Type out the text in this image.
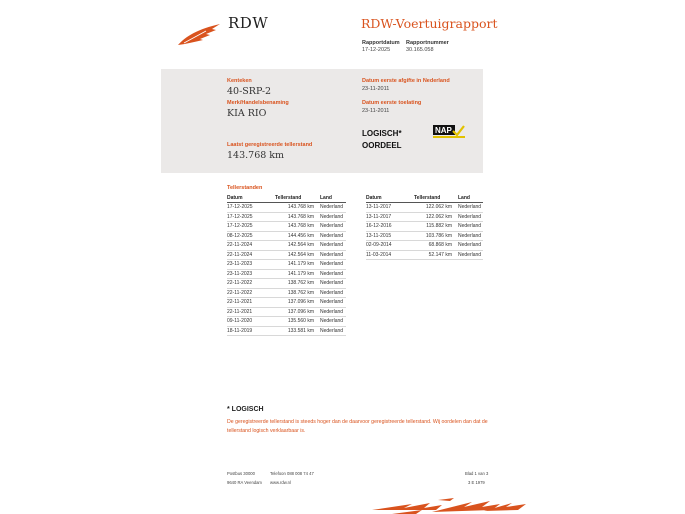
RDW	RDW-Voertuigrapport
Rapportdatum
17-12-2025
Rapportnummer
30.165.058
Kenteken
40-SRP-2
Merk/Handelsbenaming
KIA RIO
Laatst geregistreerde tellerstand
143.768 km
Datum eerste afgifte in Nederland
23-11-2011
Datum eerste toelating
23-11-2011
LOGISCH*
OORDEEL
NAP
Tellerstanden
Datum	Tellerstand	Land
17-12-2025	143.768 km	Nederland
17-12-2025	143.768 km	Nederland
17-12-2025	143.768 km	Nederland
08-12-2025	144.456 km	Nederland
22-11-2024	142.564 km	Nederland
22-11-2024	142.564 km	Nederland
23-11-2023	141.179 km	Nederland
23-11-2023	141.179 km	Nederland
22-11-2022	138.762 km	Nederland
22-11-2022	138.762 km	Nederland
22-11-2021	137.096 km	Nederland
22-11-2021	137.096 km	Nederland
09-11-2020	135.560 km	Nederland
18-11-2019	133.581 km	Nederland
Datum	Tellerstand	Land
13-11-2017	122.062 km	Nederland
13-11-2017	122.062 km	Nederland
16-12-2016	115.882 km	Nederland
13-11-2015	103.786 km	Nederland
02-09-2014	68.868 km	Nederland
11-03-2014	52.147 km	Nederland
* LOGISCH
De geregistreerde tellerstand is steeds hoger dan de daarvoor geregistreerde tellerstand. Wij oordelen dan dat de tellerstand logisch verklaarbaar is.
Postbus 30000
9640 RA Veendam
Telefoon 088 008 74 47
www.rdw.nl
Blad 1 van 3
3 E 1979
